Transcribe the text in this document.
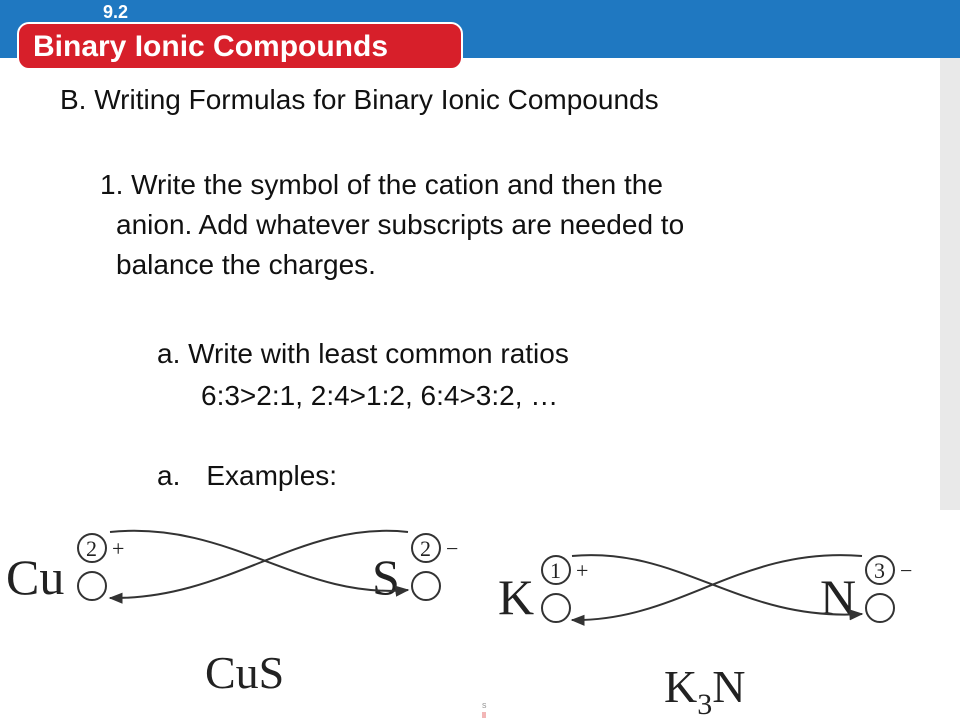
9.2
Binary Ionic Compounds
B. Writing Formulas for Binary Ionic Compounds
1. Write the symbol of the cation and then the
anion. Add whatever subscripts are needed to
balance the charges.
a. Write with least common ratios
6:3>2:1, 2:4>1:2, 6:4>3:2, …
a. Examples:
Cu
2 +
S
2 −
CuS
K 1 +	N 3 −
$K_3N$
s
